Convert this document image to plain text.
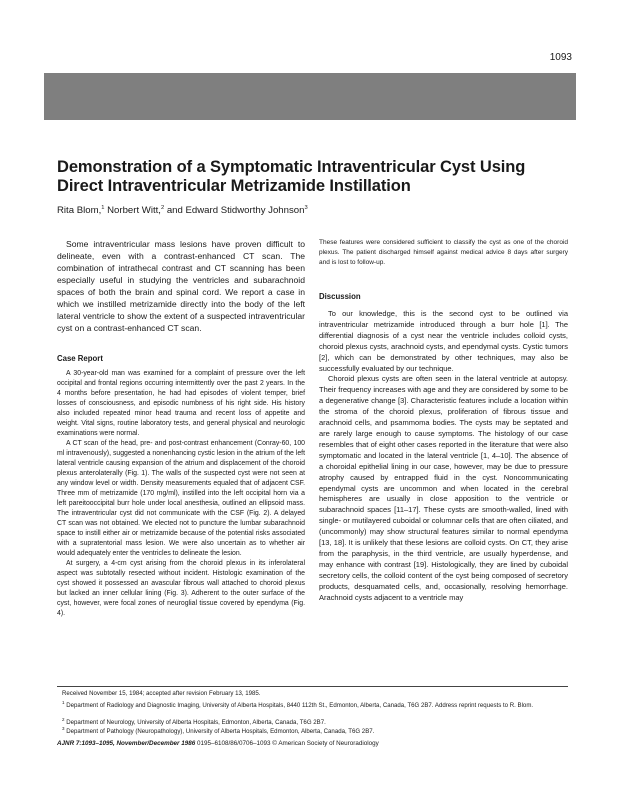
1093
Demonstration of a Symptomatic Intraventricular Cyst Using Direct Intraventricular Metrizamide Instillation
Rita Blom,$^1$ Norbert Witt,$^2$ and Edward Stidworthy Johnson$^3$

Some intraventricular mass lesions have proven difficult to delineate, even with a contrast-enhanced CT scan. The combination of intrathecal contrast and CT scanning has been especially useful in studying the ventricles and subarachnoid spaces of both the brain and spinal cord. We report a case in which we instilled metrizamide directly into the body of the left lateral ventricle to show the extent of a suspected intraventricular cyst on a contrast-enhanced CT scan.

Case Report

A 30-year-old man was examined for a complaint of pressure over the left occipital and frontal regions occurring intermittently over the past 2 years. In the 4 months before presentation, he had had episodes of violent temper, brief losses of consciousness, and episodic numbness of his right side. His history also included repeated minor head trauma and recent loss of appetite and weight. Vital signs, routine laboratory tests, and general physical and neurologic examinations were normal.

A CT scan of the head, pre- and post-contrast enhancement (Conray-60, 100 ml intravenously), suggested a nonenhancing cystic lesion in the atrium of the left lateral ventricle causing expansion of the atrium and displacement of the choroid plexus anterolaterally (Fig. 1). The walls of the suspected cyst were not seen at any window level or width. Density measurements equaled that of adjacent CSF. Three mm of metrizamide (170 mg/ml), instilled into the left occipital horn via a left pareitooccipital burr hole under local anesthesia, outlined an ellipsoid mass. The intraventricular cyst did not communicate with the CSF (Fig. 2). A delayed CT scan was not obtained. We elected not to puncture the lumbar subarachnoid space to instill either air or metrizamide because of the potential risks associated with a supratentorial mass lesion. We were also uncertain as to whether air would adequately enter the ventricles to delineate the lesion.

At surgery, a 4-cm cyst arising from the choroid plexus in its inferolateral aspect was subtotally resected without incident. Histologic examination of the cyst showed it possessed an avascular fibrous wall attached to choroid plexus but lacked an inner cellular lining (Fig. 3). Adherent to the outer surface of the cyst, however, were focal zones of neuroglial tissue covered by ependyma (Fig. 4).

These features were considered sufficient to classify the cyst as one of the choroid plexus. The patient discharged himself against medical advice 8 days after surgery and is lost to follow-up.

Discussion

To our knowledge, this is the second cyst to be outlined via intraventricular metrizamide introduced through a burr hole [1]. The differential diagnosis of a cyst near the ventricle includes colloid cysts, choroid plexus cysts, arachnoid cysts, and ependymal cysts. Cystic tumors [2], which can be demonstrated by other techniques, may also be successfully evaluated by our technique.

Choroid plexus cysts are often seen in the lateral ventricle at autopsy. Their frequency increases with age and they are considered by some to be a degenerative change [3]. Characteristic features include a location within the stroma of the choroid plexus, proliferation of fibrous tissue and arachnoid cells, and psammoma bodies. The cysts may be septated and are rarely large enough to cause symptoms. The histology of our case resembles that of eight other cases reported in the literature that were also symptomatic and located in the lateral ventricle [1, 4–10]. The absence of a choroidal epithelial lining in our case, however, may be due to pressure atrophy caused by entrapped fluid in the cyst. Noncommunicating ependymal cysts are uncommon and when located in the cerebral hemispheres are usually in close apposition to the ventricle or subarachnoid spaces [11–17]. These cysts are smooth-walled, lined with single- or mutilayered cuboidal or columnar cells that are often ciliated, and (uncommonly) may show structural features similar to normal ependyma [13, 18]. It is unlikely that these lesions are colloid cysts. On CT, they arise from the paraphysis, in the third ventricle, are usually hyperdense, and may enhance with contrast [19]. Histologically, they are lined by cuboidal secretory cells, the colloid content of the cyst being composed of secretory products, desquamated cells, and, occasionally, resolving hemorrhage. Arachnoid cysts adjacent to a ventricle may

Received November 15, 1984; accepted after revision February 13, 1985.
$^1$ Department of Radiology and Diagnostic Imaging, University of Alberta Hospitals, 8440 112th St., Edmonton, Alberta, Canada, T6G 2B7. Address reprint requests to R. Blom.
$^2$ Department of Neurology, University of Alberta Hospitals, Edmonton, Alberta, Canada, T6G 2B7.
$^3$ Department of Pathology (Neuropathology), University of Alberta Hospitals, Edmonton, Alberta, Canada, T6G 2B7.
AJNR 7:1093–1095, November/December 1986 0195–6108/86/0706–1093 © American Society of Neuroradiology
